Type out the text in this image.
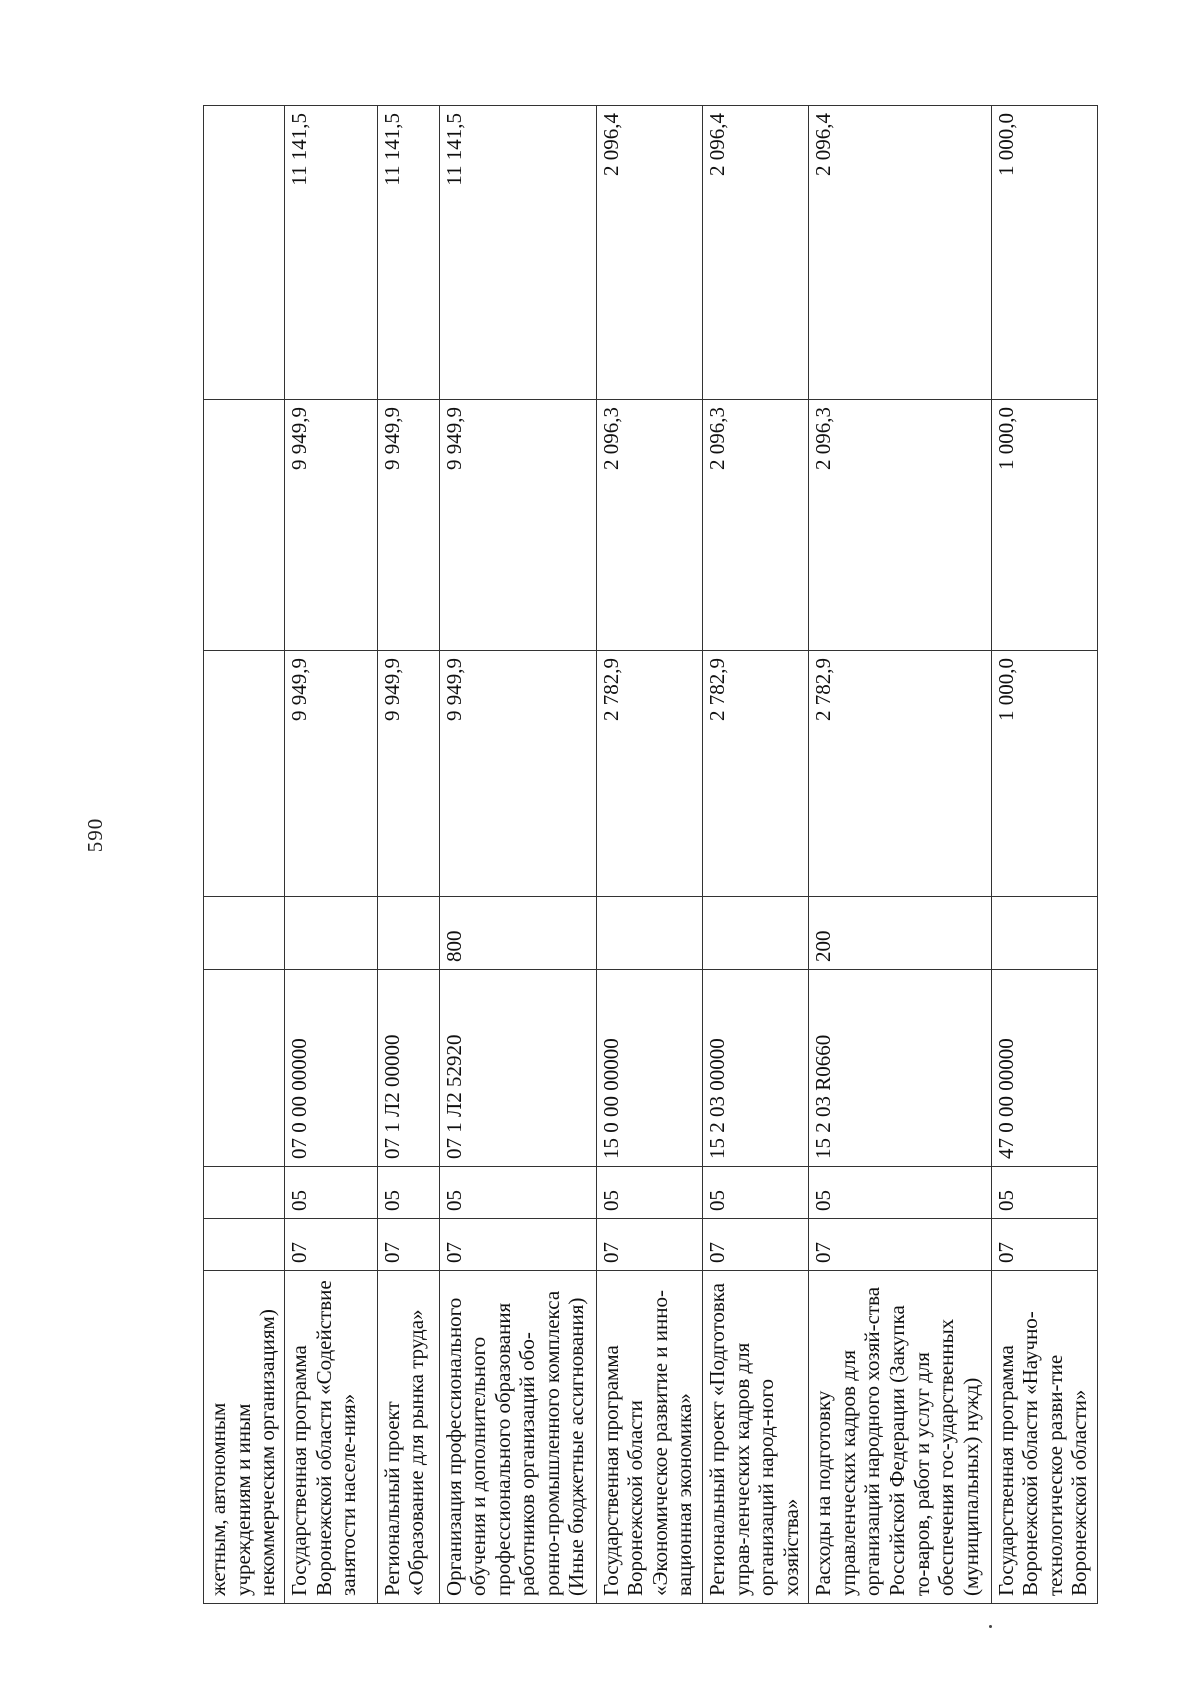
590
жетным, автономным учреждениям и иным некоммерческим организациям)							
Государственная программа Воронежской области «Содействие занятости населе-ния»	07	05	07 0 00 00000		9 949,9	9 949,9	11 141,5
Региональный проект «Образование для рынка труда»	07	05	07 1 Л2 00000		9 949,9	9 949,9	11 141,5
Организация профессионального обучения и дополнительного профессионального образования работников организаций обо-ронно-промышленного комплекса (Иные бюджетные ассигнования)	07	05	07 1 Л2 52920	800	9 949,9	9 949,9	11 141,5
Государственная программа Воронежской области «Экономическое развитие и инно-вационная экономика»	07	05	15 0 00 00000		2 782,9	2 096,3	2 096,4
Региональный проект «Подготовка управ-ленческих кадров для организаций народ-ного хозяйства»	07	05	15 2 03 00000		2 782,9	2 096,3	2 096,4
Расходы на подготовку управленческих кадров для организаций народного хозяй-ства Российской Федерации (Закупка то-варов, работ и услуг для обеспечения гос-ударственных (муниципальных) нужд)	07	05	15 2 03 R0660	200	2 782,9	2 096,3	2 096,4
Государственная программа Воронежской области «Научно-технологическое разви-тие Воронежской области»	07	05	47 0 00 00000		1 000,0	1 000,0	1 000,0
